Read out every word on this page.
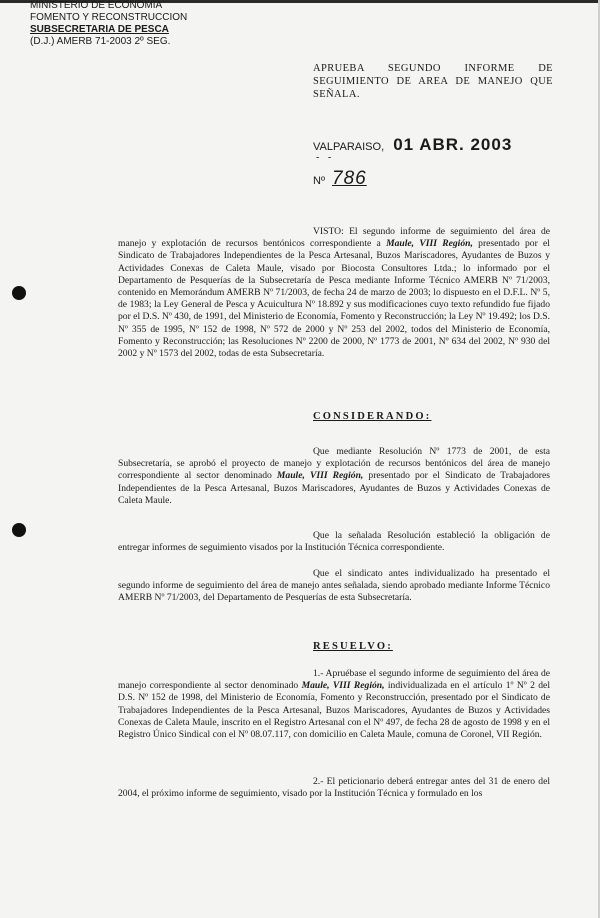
MINISTERIO DE ECONOMIA
FOMENTO Y RECONSTRUCCION
SUBSECRETARIA DE PESCA
(D.J.) AMERB 71-2003 2º SEG.
APRUEBA SEGUNDO INFORME DE SEGUIMIENTO DE AREA DE MANEJO QUE SEÑALA.
VALPARAISO, 01 ABR. 2003
- -
Nº 786
VISTO: El segundo informe de seguimiento del área de manejo y explotación de recursos bentónicos correspondiente a Maule, VIII Región, presentado por el Sindicato de Trabajadores Independientes de la Pesca Artesanal, Buzos Mariscadores, Ayudantes de Buzos y Actividades Conexas de Caleta Maule, visado por Biocosta Consultores Ltda.; lo informado por el Departamento de Pesquerías de la Subsecretaría de Pesca mediante Informe Técnico AMERB Nº 71/2003, contenido en Memorándum AMERB Nº 71/2003, de fecha 24 de marzo de 2003; lo dispuesto en el D.F.L. Nº 5, de 1983; la Ley General de Pesca y Acuicultura Nº 18.892 y sus modificaciones cuyo texto refundido fue fijado por el D.S. Nº 430, de 1991, del Ministerio de Economía, Fomento y Reconstrucción; la Ley Nº 19.492; los D.S. Nº 355 de 1995, Nº 152 de 1998, Nº 572 de 2000 y Nº 253 del 2002, todos del Ministerio de Economía, Fomento y Reconstrucción; las Resoluciones Nº 2200 de 2000, Nº 1773 de 2001, Nº 634 del 2002, Nº 930 del 2002 y Nº 1573 del 2002, todas de esta Subsecretaría.
CONSIDERANDO:
Que mediante Resolución Nº 1773 de 2001, de esta Subsecretaría, se aprobó el proyecto de manejo y explotación de recursos bentónicos del área de manejo correspondiente al sector denominado Maule, VIII Región, presentado por el Sindicato de Trabajadores Independientes de la Pesca Artesanal, Buzos Mariscadores, Ayudantes de Buzos y Actividades Conexas de Caleta Maule.
Que la señalada Resolución estableció la obligación de entregar informes de seguimiento visados por la Institución Técnica correspondiente.
Que el sindicato antes individualizado ha presentado el segundo informe de seguimiento del área de manejo antes señalada, siendo aprobado mediante Informe Técnico AMERB Nº 71/2003, del Departamento de Pesquerías de esta Subsecretaría.
RESUELVO:
1.- Apruébase el segundo informe de seguimiento del área de manejo correspondiente al sector denominado Maule, VIII Región, individualizada en el artículo 1º Nº 2 del D.S. Nº 152 de 1998, del Ministerio de Economía, Fomento y Reconstrucción, presentado por el Sindicato de Trabajadores Independientes de la Pesca Artesanal, Buzos Mariscadores, Ayudantes de Buzos y Actividades Conexas de Caleta Maule, inscrito en el Registro Artesanal con el Nº 497, de fecha 28 de agosto de 1998 y en el Registro Único Sindical con el Nº 08.07.117, con domicilio en Caleta Maule, comuna de Coronel, VII Región.
2.- El peticionario deberá entregar antes del 31 de enero del 2004, el próximo informe de seguimiento, visado por la Institución Técnica y formulado en los
